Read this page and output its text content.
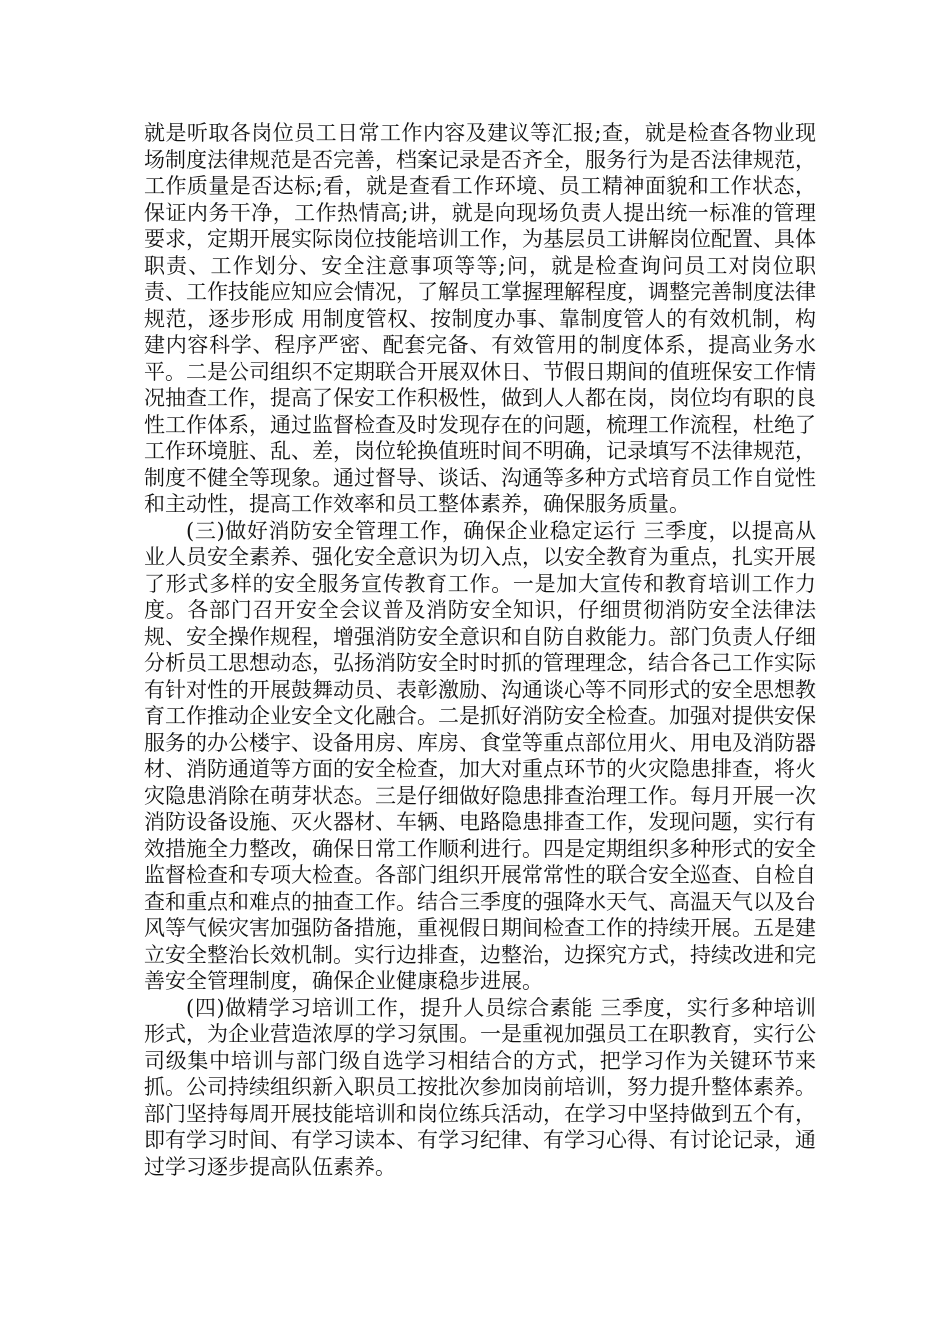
就是听取各岗位员工日常工作内容及建议等汇报;查，就是检查各物业现场制度法律规范是否完善，档案记录是否齐全，服务行为是否法律规范，工作质量是否达标;看，就是查看工作环境、员工精神面貌和工作状态，保证内务干净，工作热情高;讲，就是向现场负责人提出统一标准的管理要求，定期开展实际岗位技能培训工作，为基层员工讲解岗位配置、具体职责、工作划分、安全注意事项等等;问，就是检查询问员工对岗位职责、工作技能应知应会情况，了解员工掌握理解程度，调整完善制度法律规范，逐步形成 用制度管权、按制度办事、靠制度管人的有效机制，构建内容科学、程序严密、配套完备、有效管用的制度体系，提高业务水平。二是公司组织不定期联合开展双休日、节假日期间的值班保安工作情况抽查工作，提高了保安工作积极性，做到人人都在岗，岗位均有职的良性工作体系，通过监督检查及时发现存在的问题，梳理工作流程，杜绝了工作环境脏、乱、差，岗位轮换值班时间不明确，记录填写不法律规范，制度不健全等现象。通过督导、谈话、沟通等多种方式培育员工作自觉性和主动性，提高工作效率和员工整体素养，确保服务质量。

(三)做好消防安全管理工作，确保企业稳定运行 三季度，以提高从业人员安全素养、强化安全意识为切入点，以安全教育为重点，扎实开展了形式多样的安全服务宣传教育工作。一是加大宣传和教育培训工作力度。各部门召开安全会议普及消防安全知识，仔细贯彻消防安全法律法规、安全操作规程，增强消防安全意识和自防自救能力。部门负责人仔细分析员工思想动态，弘扬消防安全时时抓的管理理念，结合各己工作实际有针对性的开展鼓舞动员、表彰激励、沟通谈心等不同形式的安全思想教育工作推动企业安全文化融合。二是抓好消防安全检查。加强对提供安保服务的办公楼宇、设备用房、库房、食堂等重点部位用火、用电及消防器材、消防通道等方面的安全检查，加大对重点环节的火灾隐患排查，将火灾隐患消除在萌芽状态。三是仔细做好隐患排查治理工作。每月开展一次消防设备设施、灭火器材、车辆、电路隐患排查工作，发现问题，实行有效措施全力整改，确保日常工作顺利进行。四是定期组织多种形式的安全监督检查和专项大检查。各部门组织开展常常性的联合安全巡查、自检自查和重点和难点的抽查工作。结合三季度的强降水天气、高温天气以及台风等气候灾害加强防备措施，重视假日期间检查工作的持续开展。五是建立安全整治长效机制。实行边排查，边整治，边探究方式，持续改进和完善安全管理制度，确保企业健康稳步进展。

(四)做精学习培训工作，提升人员综合素能 三季度，实行多种培训形式，为企业营造浓厚的学习氛围。一是重视加强员工在职教育，实行公司级集中培训与部门级自选学习相结合的方式，把学习作为关键环节来抓。公司持续组织新入职员工按批次参加岗前培训，努力提升整体素养。部门坚持每周开展技能培训和岗位练兵活动，在学习中坚持做到五个有，即有学习时间、有学习读本、有学习纪律、有学习心得、有讨论记录，通过学习逐步提高队伍素养。
